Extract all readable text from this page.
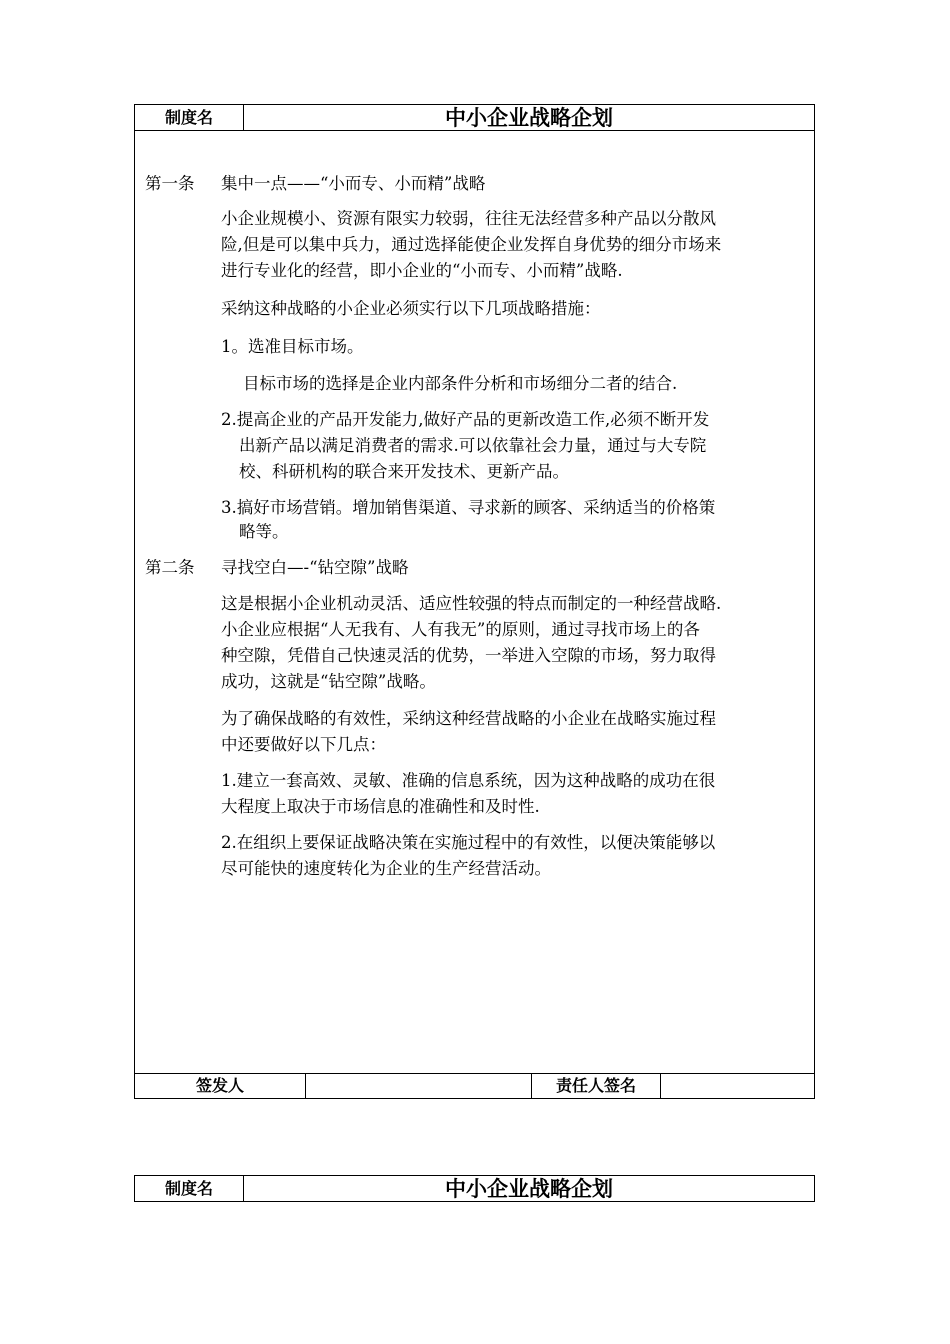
制度名	中小企业战略企划
第一条 集中一点——“小而专、小而精”战略
小企业规模小、资源有限实力较弱，往往无法经营多种产品以分散风
险,但是可以集中兵力，通过选择能使企业发挥自身优势的细分市场来
进行专业化的经营，即小企业的“小而专、小而精”战略.
采纳这种战略的小企业必须实行以下几项战略措施：
1。选准目标市场。
目标市场的选择是企业内部条件分析和市场细分二者的结合.
2.提高企业的产品开发能力,做好产品的更新改造工作,必须不断开发
出新产品以满足消费者的需求.可以依靠社会力量，通过与大专院
校、科研机构的联合来开发技术、更新产品。
3.搞好市场营销。增加销售渠道、寻求新的顾客、采纳适当的价格策
略等。
第二条 寻找空白—-“钻空隙”战略
这是根据小企业机动灵活、适应性较强的特点而制定的一种经营战略.
小企业应根据“人无我有、人有我无”的原则，通过寻找市场上的各
种空隙，凭借自己快速灵活的优势，一举进入空隙的市场，努力取得
成功，这就是“钻空隙”战略。
为了确保战略的有效性，采纳这种经营战略的小企业在战略实施过程
中还要做好以下几点：
1.建立一套高效、灵敏、准确的信息系统，因为这种战略的成功在很
大程度上取决于市场信息的准确性和及时性.
2.在组织上要保证战略决策在实施过程中的有效性，以便决策能够以
尽可能快的速度转化为企业的生产经营活动。
签发人	责任人签名
制度名	中小企业战略企划
